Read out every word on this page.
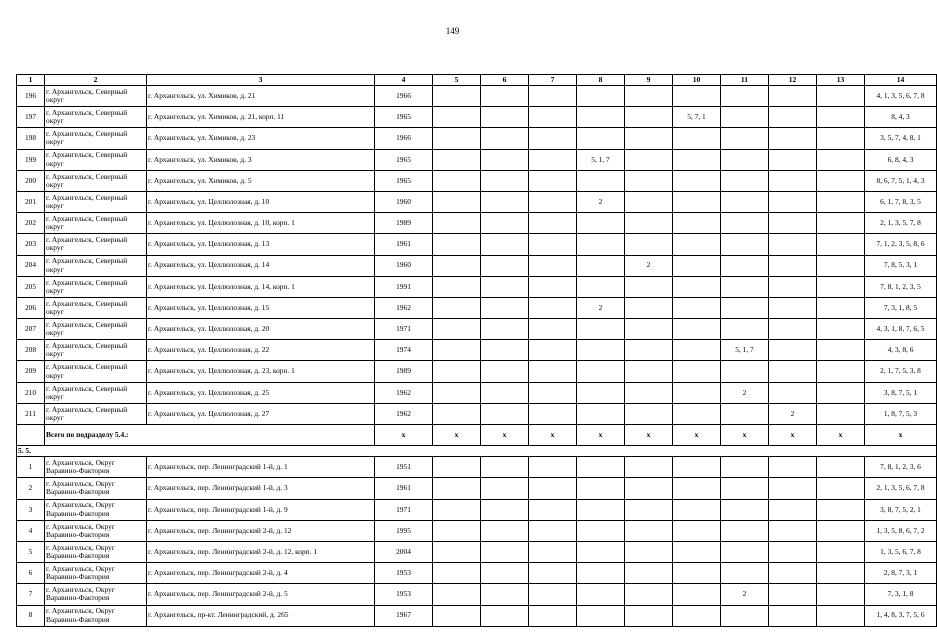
149
1	2	3	4	5	6	7	8	9	10	11	12	13	14
196	г. Архангельск, Северный округ	г. Архангельск, ул. Химиков, д. 21	1966										4, 1, 3, 5, 6, 7, 8
197	г. Архангельск, Северный округ	г. Архангельск, ул. Химиков, д. 21, корп. 11	1965						5, 7, 1				8, 4, 3
198	г. Архангельск, Северный округ	г. Архангельск, ул. Химиков, д. 23	1966										3, 5, 7, 4, 8, 1
199	г. Архангельск, Северный округ	г. Архангельск, ул. Химиков, д. 3	1965				5, 1, 7						6, 8, 4, 3
200	г. Архангельск, Северный округ	г. Архангельск, ул. Химиков, д. 5	1965										8, 6, 7, 5, 1, 4, 3
201	г. Архангельск, Северный округ	г. Архангельск, ул. Целлюлозная, д. 10	1960				2						6, 1, 7, 8, 3, 5
202	г. Архангельск, Северный округ	г. Архангельск, ул. Целлюлозная, д. 10, корп. 1	1989										2, 1, 3, 5, 7, 8
203	г. Архангельск, Северный округ	г. Архангельск, ул. Целлюлозная, д. 13	1961										7, 1, 2, 3, 5, 8, 6
204	г. Архангельск, Северный округ	г. Архангельск, ул. Целлюлозная, д. 14	1960					2					7, 8, 5, 3, 1
205	г. Архангельск, Северный округ	г. Архангельск, ул. Целлюлозная, д. 14, корп. 1	1991										7, 8, 1, 2, 3, 5
206	г. Архангельск, Северный округ	г. Архангельск, ул. Целлюлозная, д. 15	1962				2						7, 3, 1, 8, 5
207	г. Архангельск, Северный округ	г. Архангельск, ул. Целлюлозная, д. 20	1971										4, 3, 1, 8, 7, 6, 5
208	г. Архангельск, Северный округ	г. Архангельск, ул. Целлюлозная, д. 22	1974							5, 1, 7			4, 3, 8, 6
209	г. Архангельск, Северный округ	г. Архангельск, ул. Целлюлозная, д. 23, корп. 1	1989										2, 1, 7, 5, 3, 8
210	г. Архангельск, Северный округ	г. Архангельск, ул. Целлюлозная, д. 25	1962							2			3, 8, 7, 5, 1
211	г. Архангельск, Северный округ	г. Архангельск, ул. Целлюлозная, д. 27	1962								2		1, 8, 7, 5, 3
	Всего по подразделу 5.4.:		x	x	x	x	x	x	x	x	x	x	x
5. 5.													
1	г. Архангельск, Округ Варавино-Фактория	г. Архангельск, пер. Ленинградский 1-й, д. 1	1951										7, 8, 1, 2, 3, 6
2	г. Архангельск, Округ Варавино-Фактория	г. Архангельск, пер. Ленинградский 1-й, д. 3	1961										2, 1, 3, 5, 6, 7, 8
3	г. Архангельск, Округ Варавино-Фактория	г. Архангельск, пер. Ленинградский 1-й, д. 9	1971										3, 8, 7, 5, 2, 1
4	г. Архангельск, Округ Варавино-Фактория	г. Архангельск, пер. Ленинградский 2-й, д. 12	1995										1, 3, 5, 8, 6, 7, 2
5	г. Архангельск, Округ Варавино-Фактория	г. Архангельск, пер. Ленинградский 2-й, д. 12, корп. 1	2004										1, 3, 5, 6, 7, 8
6	г. Архангельск, Округ Варавино-Фактория	г. Архангельск, пер. Ленинградский 2-й, д. 4	1953										2, 8, 7, 3, 1
7	г. Архангельск, Округ Варавино-Фактория	г. Архангельск, пер. Ленинградский 2-й, д. 5	1953							2			7, 3, 1, 8
8	г. Архангельск, Округ Варавино-Фактория	г. Архангельск, пр-кт. Ленинградский, д. 265	1967										1, 4, 8, 3, 7, 5, 6
